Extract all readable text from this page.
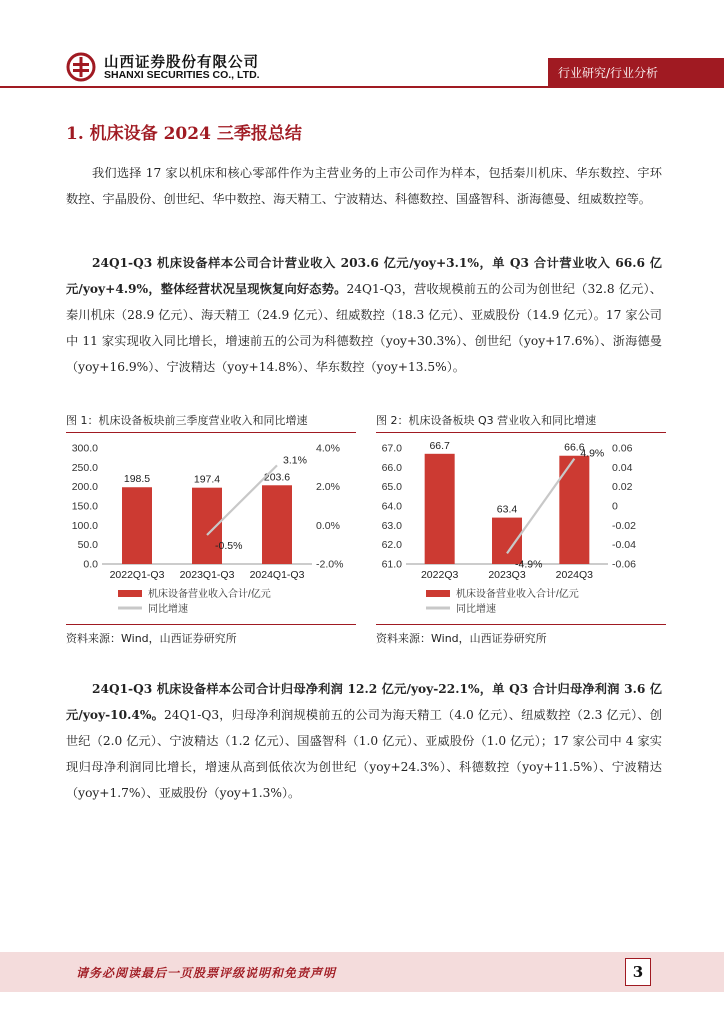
山西证券股份有限公司
SHANXI SECURITIES CO., LTD.	行业研究/行业分析
1. 机床设备 2024 三季报总结
我们选择 17 家以机床和核心零部件作为主营业务的上市公司作为样本，包括秦川机床、华东数控、宇环数控、宇晶股份、创世纪、华中数控、海天精工、宁波精达、科德数控、国盛智科、浙海德曼、纽威数控等。
24Q1-Q3 机床设备样本公司合计营业收入 203.6 亿元/yoy+3.1%，单 Q3 合计营业收入 66.6 亿元/yoy+4.9%，整体经营状况呈现恢复向好态势。24Q1-Q3，营收规模前五的公司为创世纪（32.8 亿元）、秦川机床（28.9 亿元）、海天精工（24.9 亿元）、纽威数控（18.3 亿元）、亚威股份（14.9 亿元）。17 家公司中 11 家实现收入同比增长，增速前五的公司为科德数控（yoy+30.3%）、创世纪（yoy+17.6%）、浙海德曼（yoy+16.9%）、宁波精达（yoy+14.8%）、华东数控（yoy+13.5%）。
图 1：机床设备板块前三季度营业收入和同比增速
0.0
50.0
100.0
150.0
200.0
250.0
300.0
-2.0%
0.0%
2.0%
4.0%
198.5
2022Q1-Q3
197.4
2023Q1-Q3
203.6
2024Q1-Q3
-0.5%
3.1%
机床设备营业收入合计/亿元
同比增速
资料来源：Wind，山西证券研究所
图 2：机床设备板块 Q3 营业收入和同比增速
61.0
62.0
63.0
64.0
65.0
66.0
67.0
-0.06
-0.04
-0.02
0
0.02
0.04
0.06
66.7
2022Q3
63.4
2023Q3
66.6
2024Q3
-4.9%
4.9%
机床设备营业收入合计/亿元
同比增速
资料来源：Wind，山西证券研究所
24Q1-Q3 机床设备样本公司合计归母净利润 12.2 亿元/yoy-22.1%，单 Q3 合计归母净利润 3.6 亿元/yoy-10.4%。24Q1-Q3，归母净利润规模前五的公司为海天精工（4.0 亿元）、纽威数控（2.3 亿元）、创世纪（2.0 亿元）、宁波精达（1.2 亿元）、国盛智科（1.0 亿元）、亚威股份（1.0 亿元）；17 家公司中 4 家实现归母净利润同比增长，增速从高到低依次为创世纪（yoy+24.3%）、科德数控（yoy+11.5%）、宁波精达（yoy+1.7%）、亚威股份（yoy+1.3%）。
请务必阅读最后一页股票评级说明和免责声明	3
